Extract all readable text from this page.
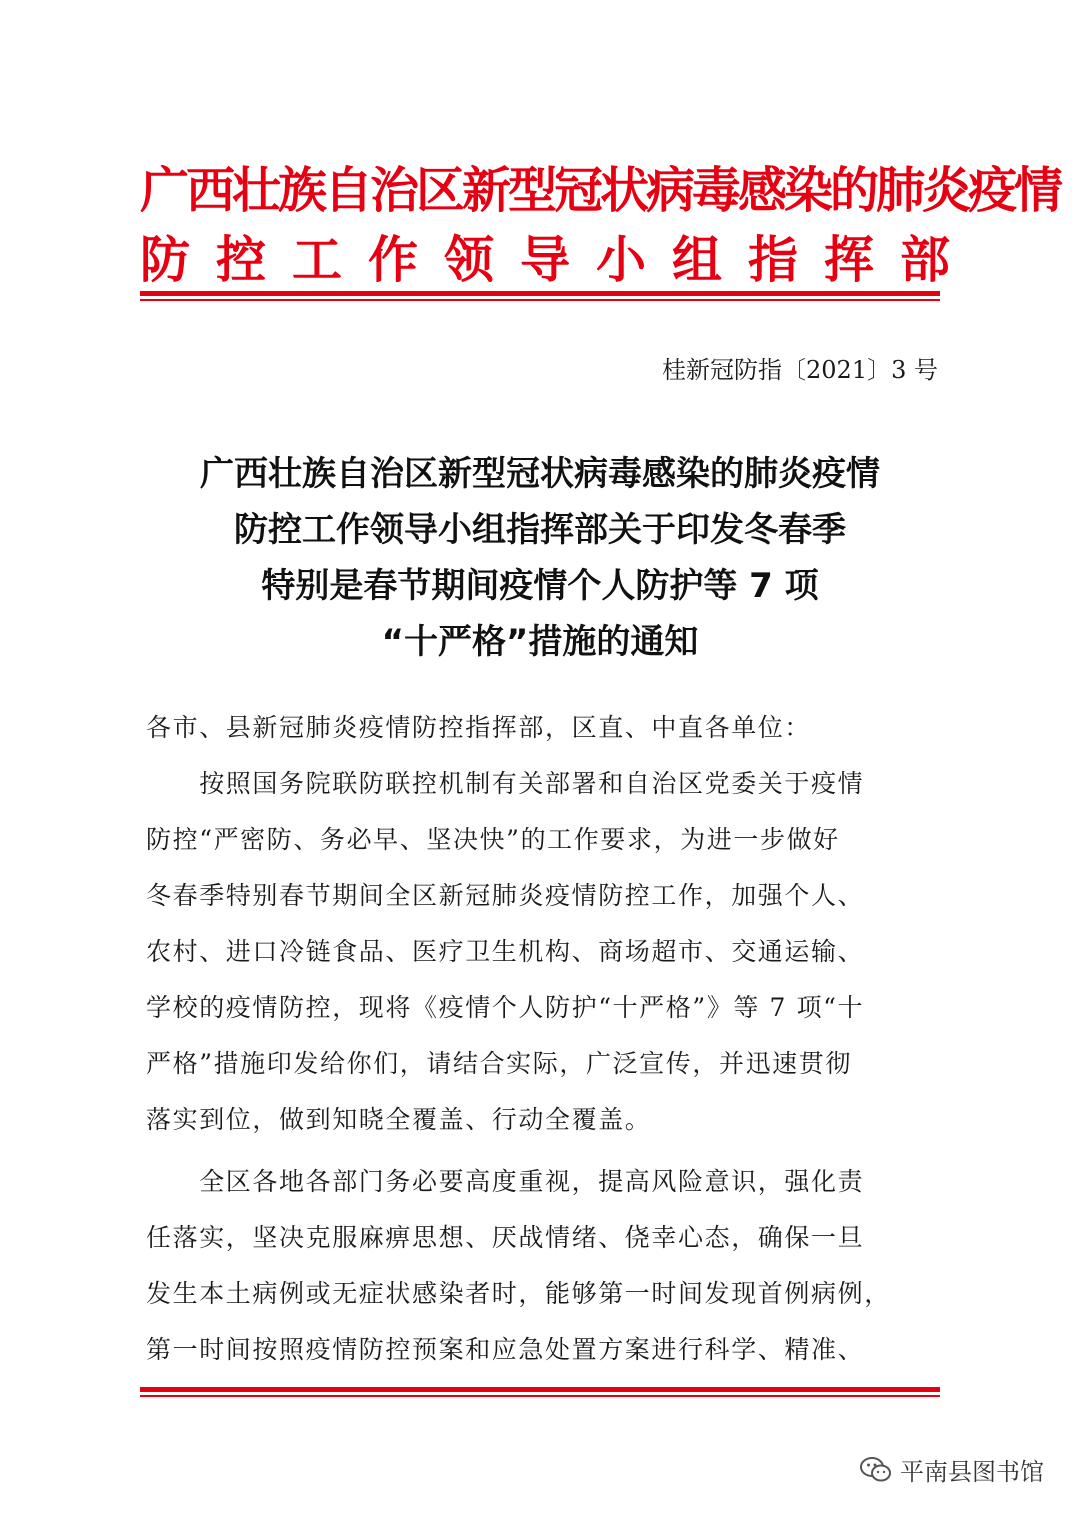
广西壮族自治区新型冠状病毒感染的肺炎疫情
防控工作领导小组指挥部
桂新冠防指〔2021〕3 号
广西壮族自治区新型冠状病毒感染的肺炎疫情
防控工作领导小组指挥部关于印发冬春季
特别是春节期间疫情个人防护等 7 项
“十严格”措施的通知
各市、县新冠肺炎疫情防控指挥部，区直、中直各单位：
　　按照国务院联防联控机制有关部署和自治区党委关于疫情
防控“严密防、务必早、坚决快”的工作要求，为进一步做好
冬春季特别春节期间全区新冠肺炎疫情防控工作，加强个人、
农村、进口冷链食品、医疗卫生机构、商场超市、交通运输、
学校的疫情防控，现将《疫情个人防护“十严格”》等 7 项“十
严格”措施印发给你们，请结合实际，广泛宣传，并迅速贯彻
落实到位，做到知晓全覆盖、行动全覆盖。
　　全区各地各部门务必要高度重视，提高风险意识，强化责
任落实，坚决克服麻痹思想、厌战情绪、侥幸心态，确保一旦
发生本土病例或无症状感染者时，能够第一时间发现首例病例，
第一时间按照疫情防控预案和应急处置方案进行科学、精准、
平南县图书馆
